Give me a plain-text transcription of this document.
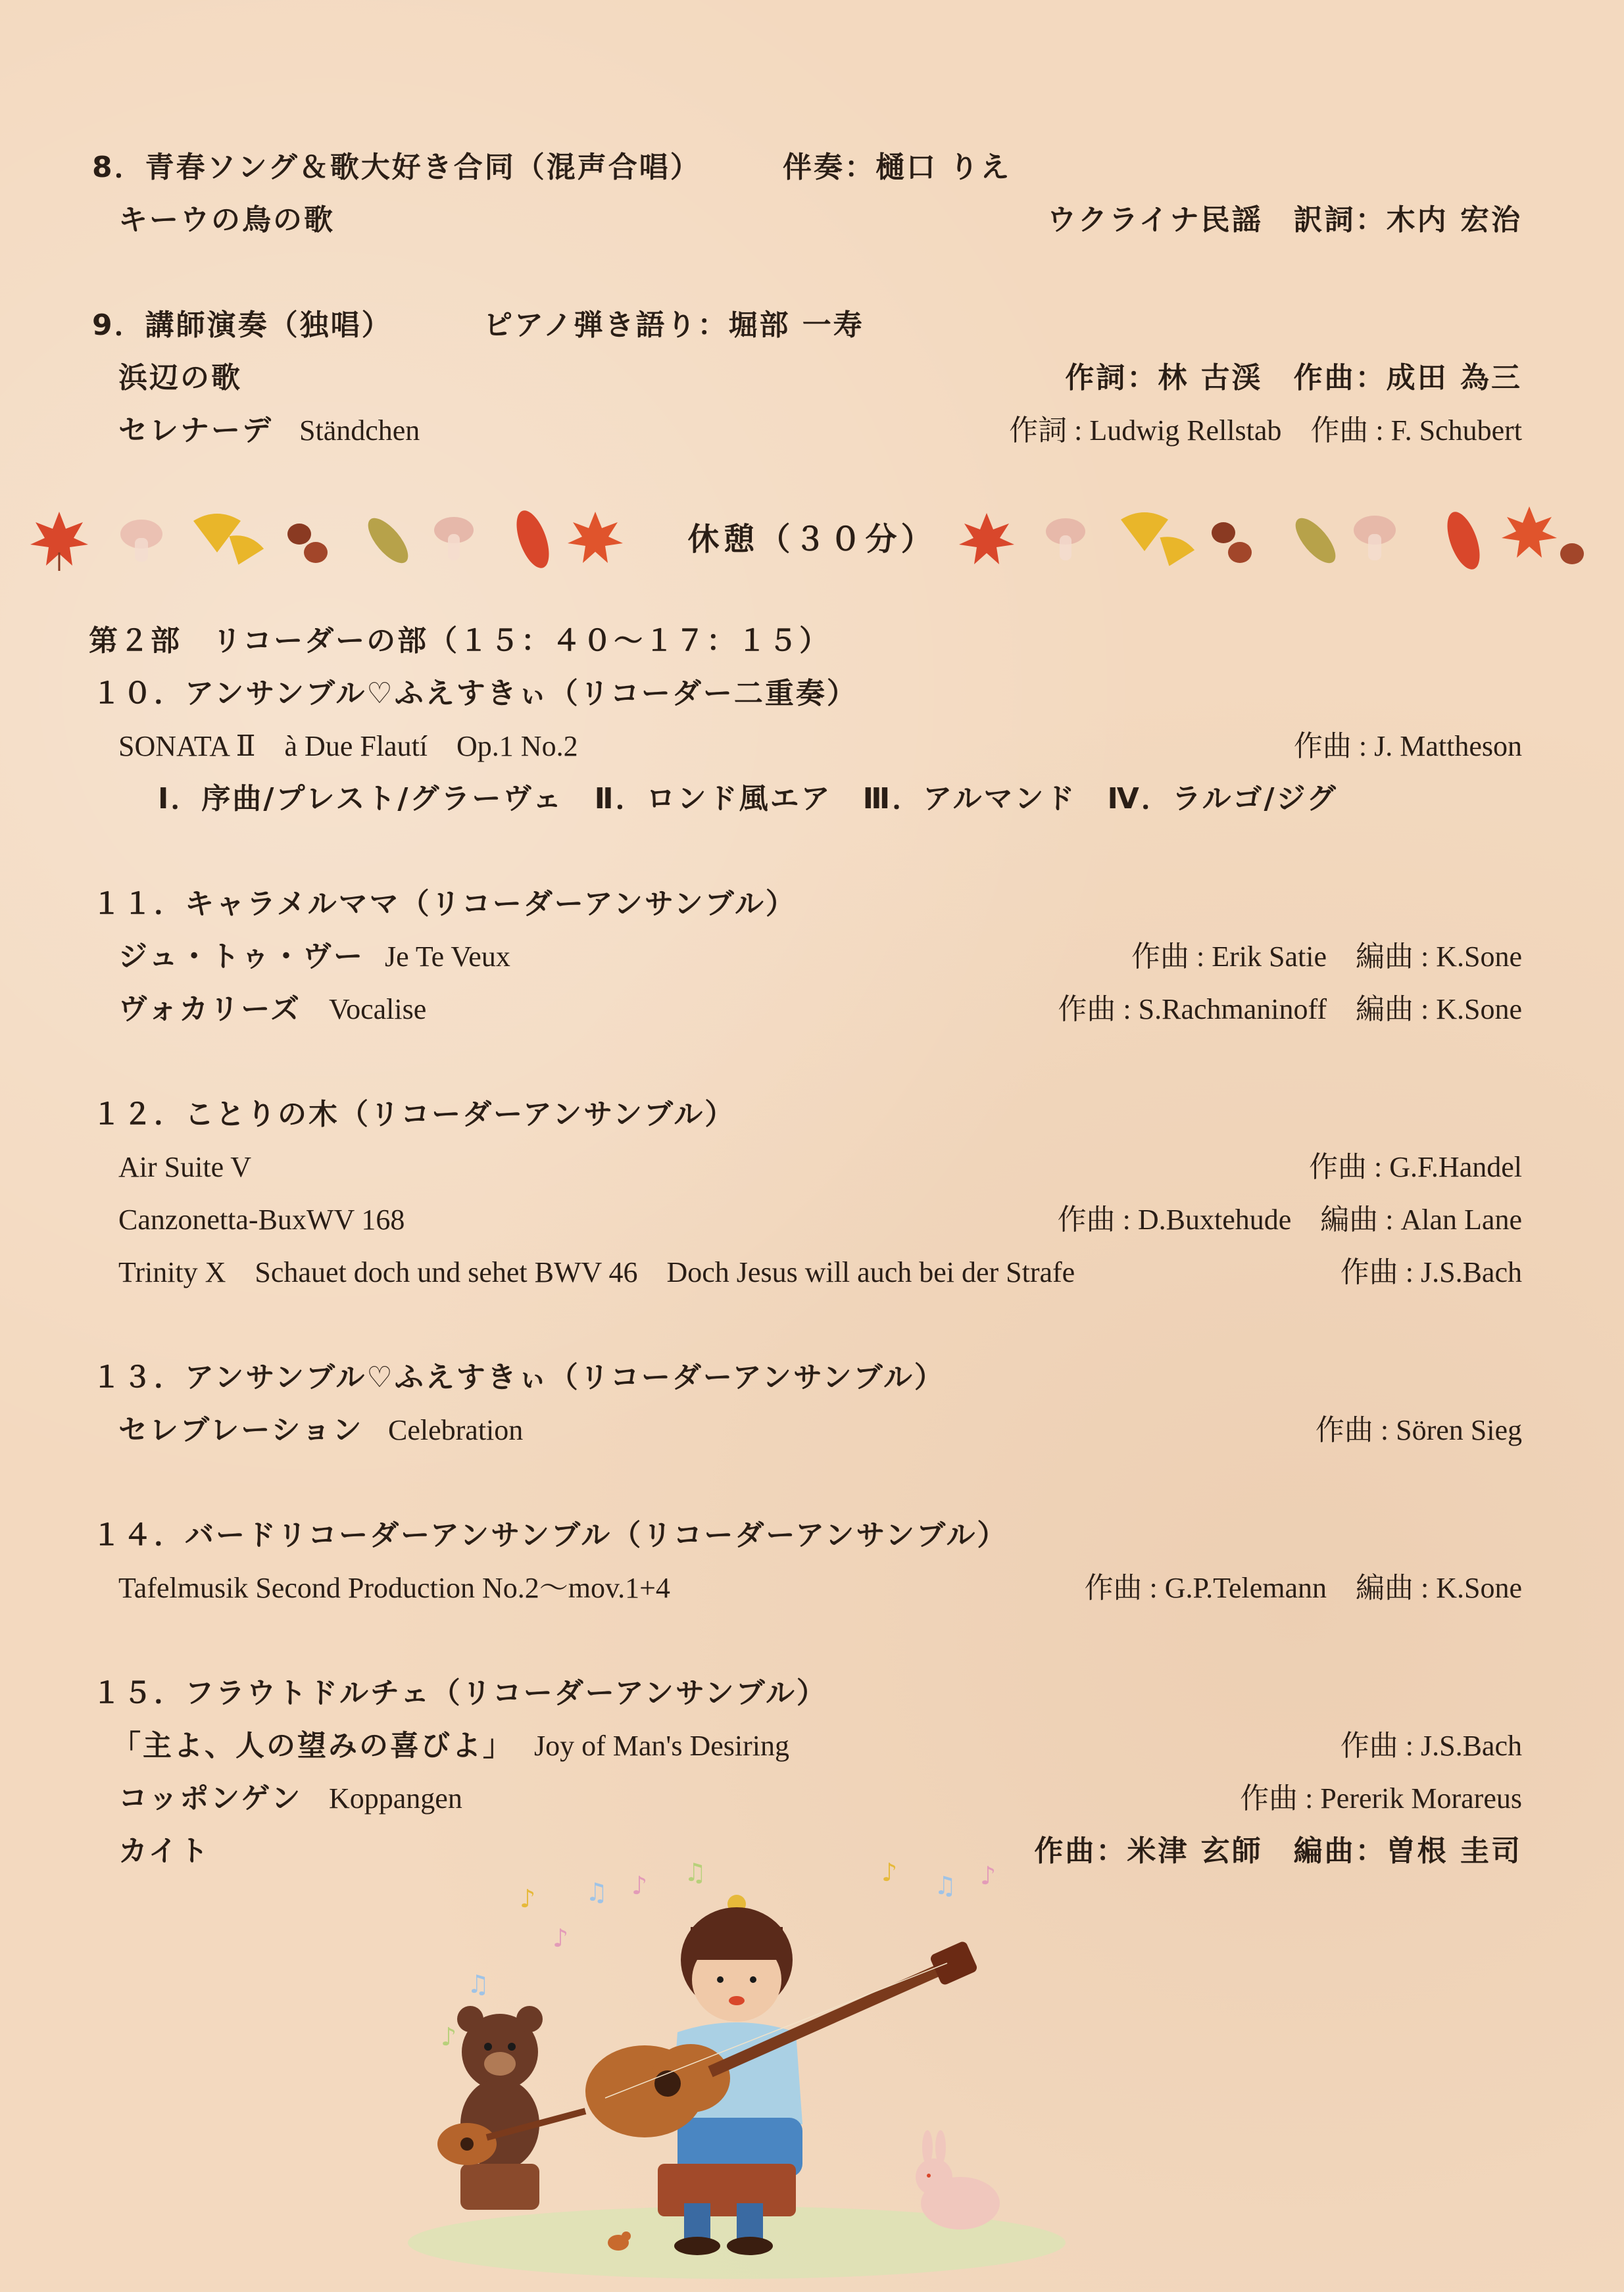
8．青春ソング＆歌大好き合同（混声合唱）	伴奏：樋口 りえ
キーウの鳥の歌	ウクライナ民謡　訳詞：木内 宏治
9．講師演奏（独唱）	ピアノ弾き語り：堀部 一寿
浜辺の歌	作詞：林 古渓　作曲：成田 為三
セレナーデ Ständchen	作詞 : Ludwig Rellstab　作曲 : F. Schubert
休憩（３０分）
第２部　リコーダーの部（１５：４０～１７：１５）
１０．アンサンブル♡ふえすきぃ（リコーダー二重奏）
SONATA Ⅱ　à Due Flautí　Op.1 No.2	作曲 : J. Mattheson
Ⅰ．序曲/プレスト/グラーヴェ　Ⅱ．ロンド風エア　Ⅲ．アルマンド　Ⅳ．ラルゴ/ジグ
１１．キャラメルママ（リコーダーアンサンブル）
ジュ・トゥ・ヴー Je Te Veux	作曲 : Erik Satie　編曲 : K.Sone
ヴォカリーズ Vocalise	作曲 : S.Rachmaninoff　編曲 : K.Sone
１２．ことりの木（リコーダーアンサンブル）
Air Suite V	作曲 : G.F.Handel
Canzonetta-BuxWV 168	作曲 : D.Buxtehude　編曲 : Alan Lane
Trinity X　Schauet doch und sehet BWV 46　Doch Jesus will auch bei der Strafe	作曲 : J.S.Bach
１３．アンサンブル♡ふえすきぃ（リコーダーアンサンブル）
セレブレーション Celebration	作曲 : Sören Sieg
１４．バードリコーダーアンサンブル（リコーダーアンサンブル）
Tafelmusik Second Production No.2～mov.1+4	作曲 : G.P.Telemann　編曲 : K.Sone
１５．フラウトドルチェ（リコーダーアンサンブル）
「主よ、人の望みの喜びよ」 Joy of Man's Desiring	作曲 : J.S.Bach
コッポンゲン Koppangen	作曲 : Pererik Morareus
カイト	作曲：米津 玄師　編曲：曽根 圭司
♪ ♫ ♪ ♫
♪
♫
♪
♪ ♫ ♪
